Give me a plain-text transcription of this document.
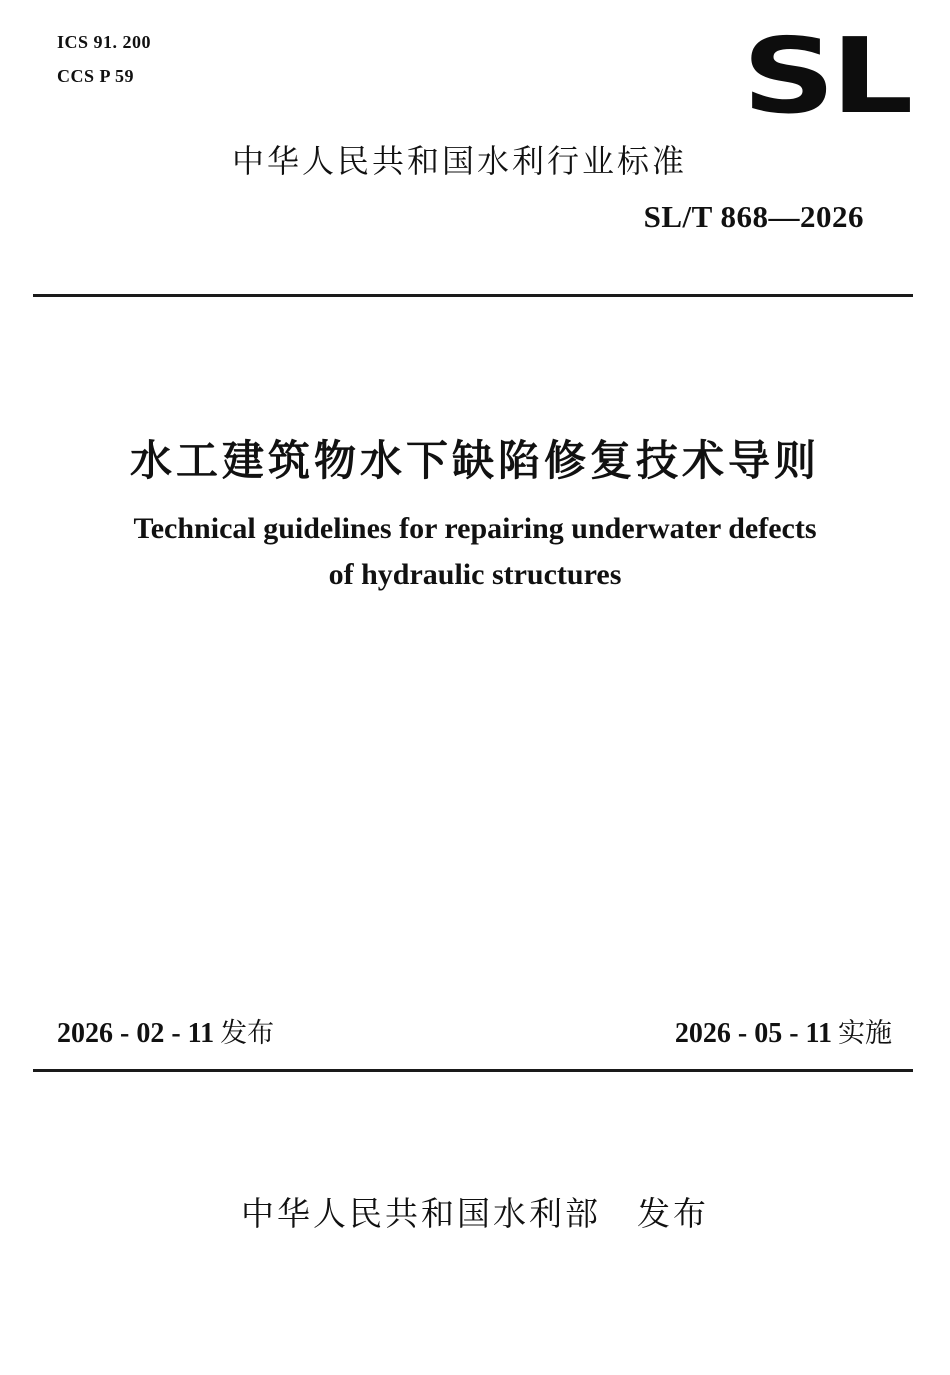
ICS 91. 200
CCS P 59	SL
中华人民共和国水利行业标准
SL/T 868—2026
水工建筑物水下缺陷修复技术导则
Technical guidelines for repairing underwater defects
of hydraulic structures
2026 - 02 - 11 发布	2026 - 05 - 11 实施
中华人民共和国水利部 发布
